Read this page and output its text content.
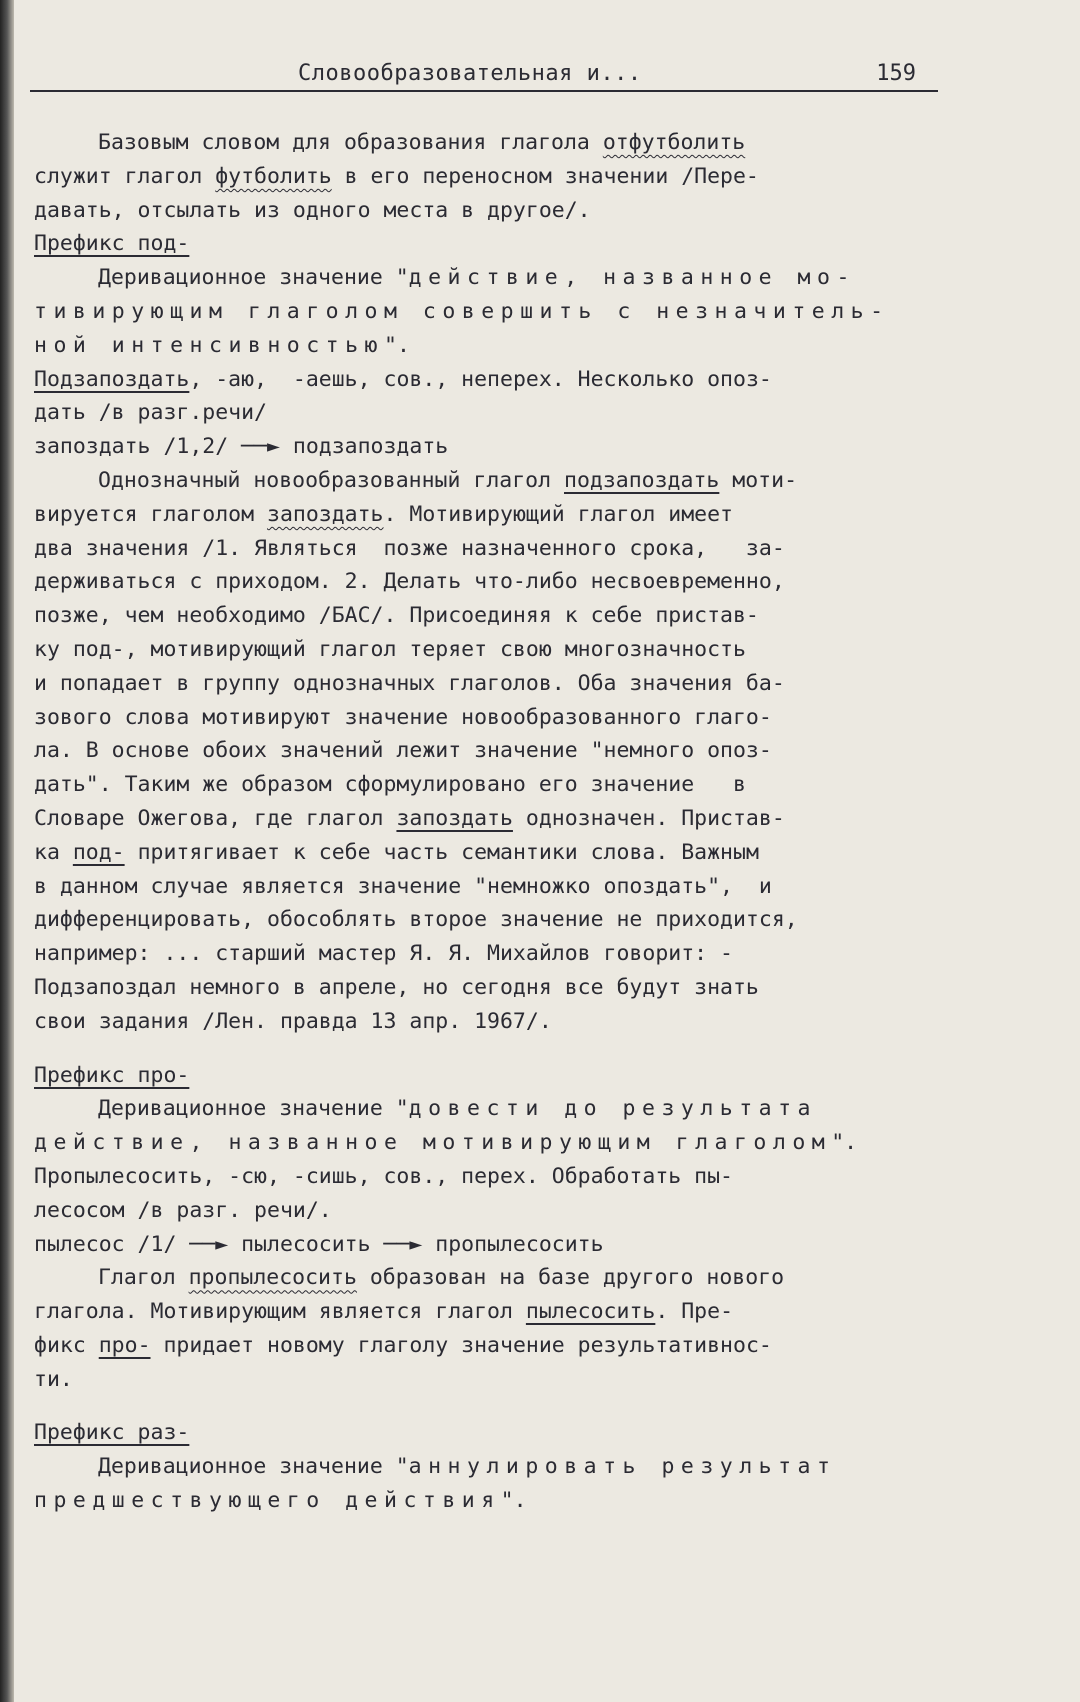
Словообразовательная и...	159
Базовым словом для образования глагола отфутболить
служит глагол футболить в его переносном значении /Пере-
давать, отсылать из одного места в другое/.
Префикс под-
Деривационное значение "действие, названное мо-
тивирующим глаголом совершить с незначитель-
ной интенсивностью".
Подзапоздать, -аю,  -аешь, сов., неперех. Несколько опоз-
дать /в разг.речи/
запоздать /1,2/ ──► подзапоздать
Однозначный новообразованный глагол подзапоздать моти-
вируется глаголом запоздать. Мотивирующий глагол имеет
два значения /1. Являться  позже назначенного срока,   за-
держиваться с приходом. 2. Делать что-либо несвоевременно,
позже, чем необходимо /БАС/. Присоединяя к себе пристав-
ку под-, мотивирующий глагол теряет свою многозначность
и попадает в группу однозначных глаголов. Оба значения ба-
зового слова мотивируют значение новообразованного глаго-
ла. В основе обоих значений лежит значение "немного опоз-
дать". Таким же образом сформулировано его значение   в
Словаре Ожегова, где глагол запоздать однозначен. Пристав-
ка под- притягивает к себе часть семантики слова. Важным
в данном случае является значение "немножко опоздать",  и
дифференцировать, обособлять второе значение не приходится,
например: ... старший мастер Я. Я. Михайлов говорит: -
Подзапоздал немного в апреле, но сегодня все будут знать
свои задания /Лен. правда 13 апр. 1967/.
Префикс про-
Деривационное значение "довести до результата
действие, названное мотивирующим глаголом".
Пропылесосить, -сю, -сишь, сов., перех. Обработать пы-
лесосом /в разг. речи/.
пылесос /1/ ──► пылесосить ──► пропылесосить
Глагол пропылесосить образован на базе другого нового
глагола. Мотивирующим является глагол пылесосить. Пре-
фикс про- придает новому глаголу значение результативнос-
ти.
Префикс раз-
Деривационное значение "аннулировать результат
предшествующего действия".
